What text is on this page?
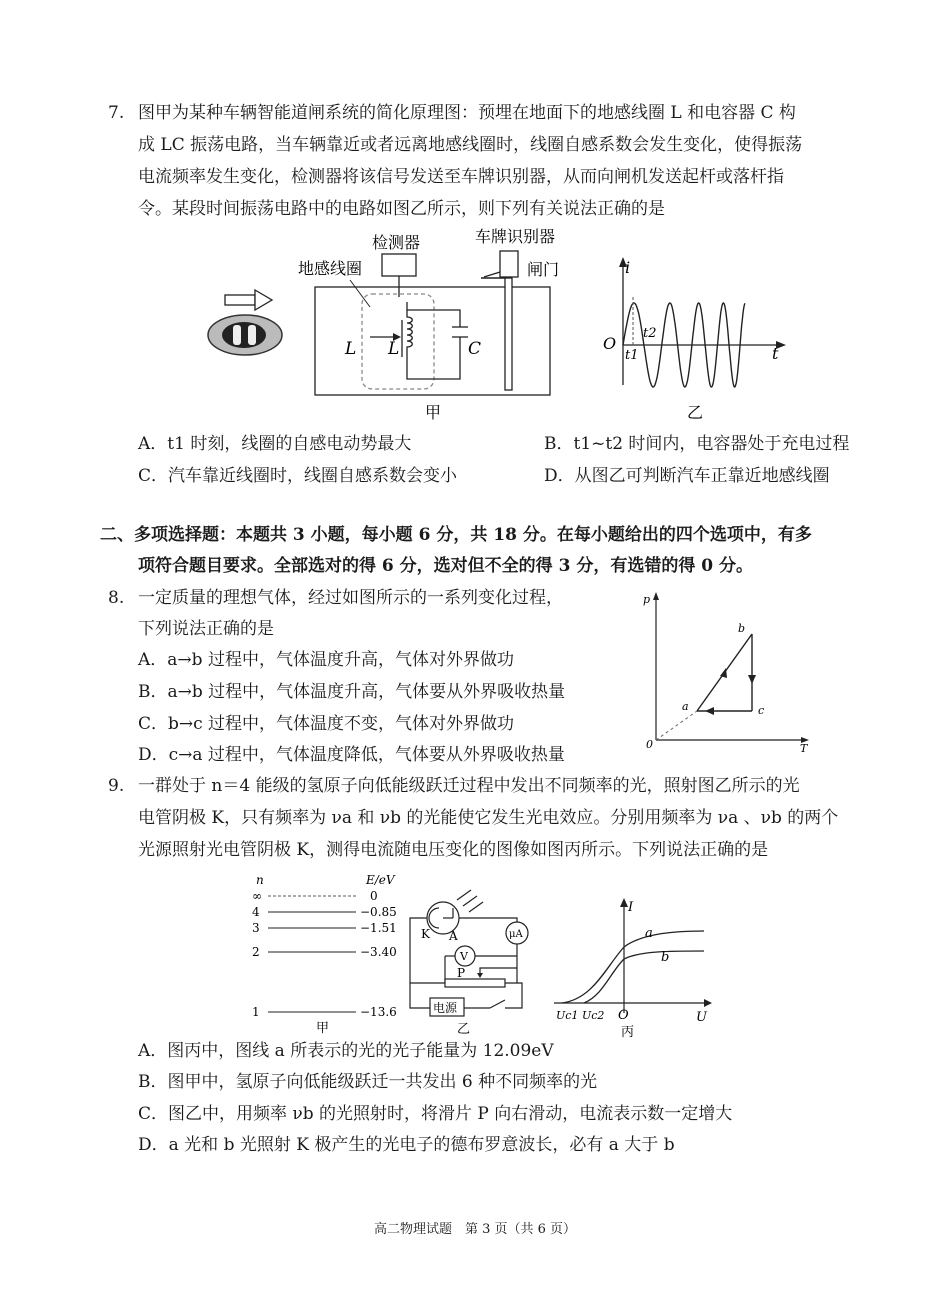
7. 图甲为某种车辆智能道闸系统的简化原理图：预埋在地面下的地感线圈 L 和电容器 C 构
成 LC 振荡电路，当车辆靠近或者远离地感线圈时，线圈自感系数会发生变化，使得振荡
电流频率发生变化，检测器将该信号发送至车牌识别器，从而向闸机发送起杆或落杆指
令。某段时间振荡电路中的电路如图乙所示，则下列有关说法正确的是
检测器	车牌识别器
闸门
地感线圈
L L	C
甲
i
O
t
t1
t2
乙
A．t1 时刻，线圈的自感电动势最大	B．t1~t2 时间内，电容器处于充电过程
C．汽车靠近线圈时，线圈自感系数会变小	D．从图乙可判断汽车正靠近地感线圈
二、多项选择题：本题共 3 小题，每小题 6 分，共 18 分。在每小题给出的四个选项中，有多
项符合题目要求。全部选对的得 6 分，选对但不全的得 3 分，有选错的得 0 分。
8. 一定质量的理想气体，经过如图所示的一系列变化过程，
下列说法正确的是
A．a→b 过程中，气体温度升高，气体对外界做功
B．a→b 过程中，气体温度升高，气体要从外界吸收热量
C．b→c 过程中，气体温度不变，气体对外界做功
D．c→a 过程中，气体温度降低，气体要从外界吸收热量
p
T
0
a
b
c
9. 一群处于 n＝4 能级的氢原子向低能级跃迁过程中发出不同频率的光，照射图乙所示的光
电管阴极 K，只有频率为 νa 和 νb 的光能使它发生光电效应。分别用频率为 νa 、νb 的两个
光源照射光电管阴极 K，测得电流随电压变化的图像如图丙所示。下列说法正确的是
n	E/eV
∞	0
4	−0.85
3	−1.51
2	−3.40
1	−13.6
甲
K A
V
μA
P
电源
乙
I
U
O
a
b
Uc1 Uc2
丙
A．图丙中，图线 a 所表示的光的光子能量为 12.09eV
B．图甲中，氢原子向低能级跃迁一共发出 6 种不同频率的光
C．图乙中，用频率 νb 的光照射时，将滑片 P 向右滑动，电流表示数一定增大
D．a 光和 b 光照射 K 极产生的光电子的德布罗意波长，必有 a 大于 b
高二物理试题　第 3 页（共 6 页）
